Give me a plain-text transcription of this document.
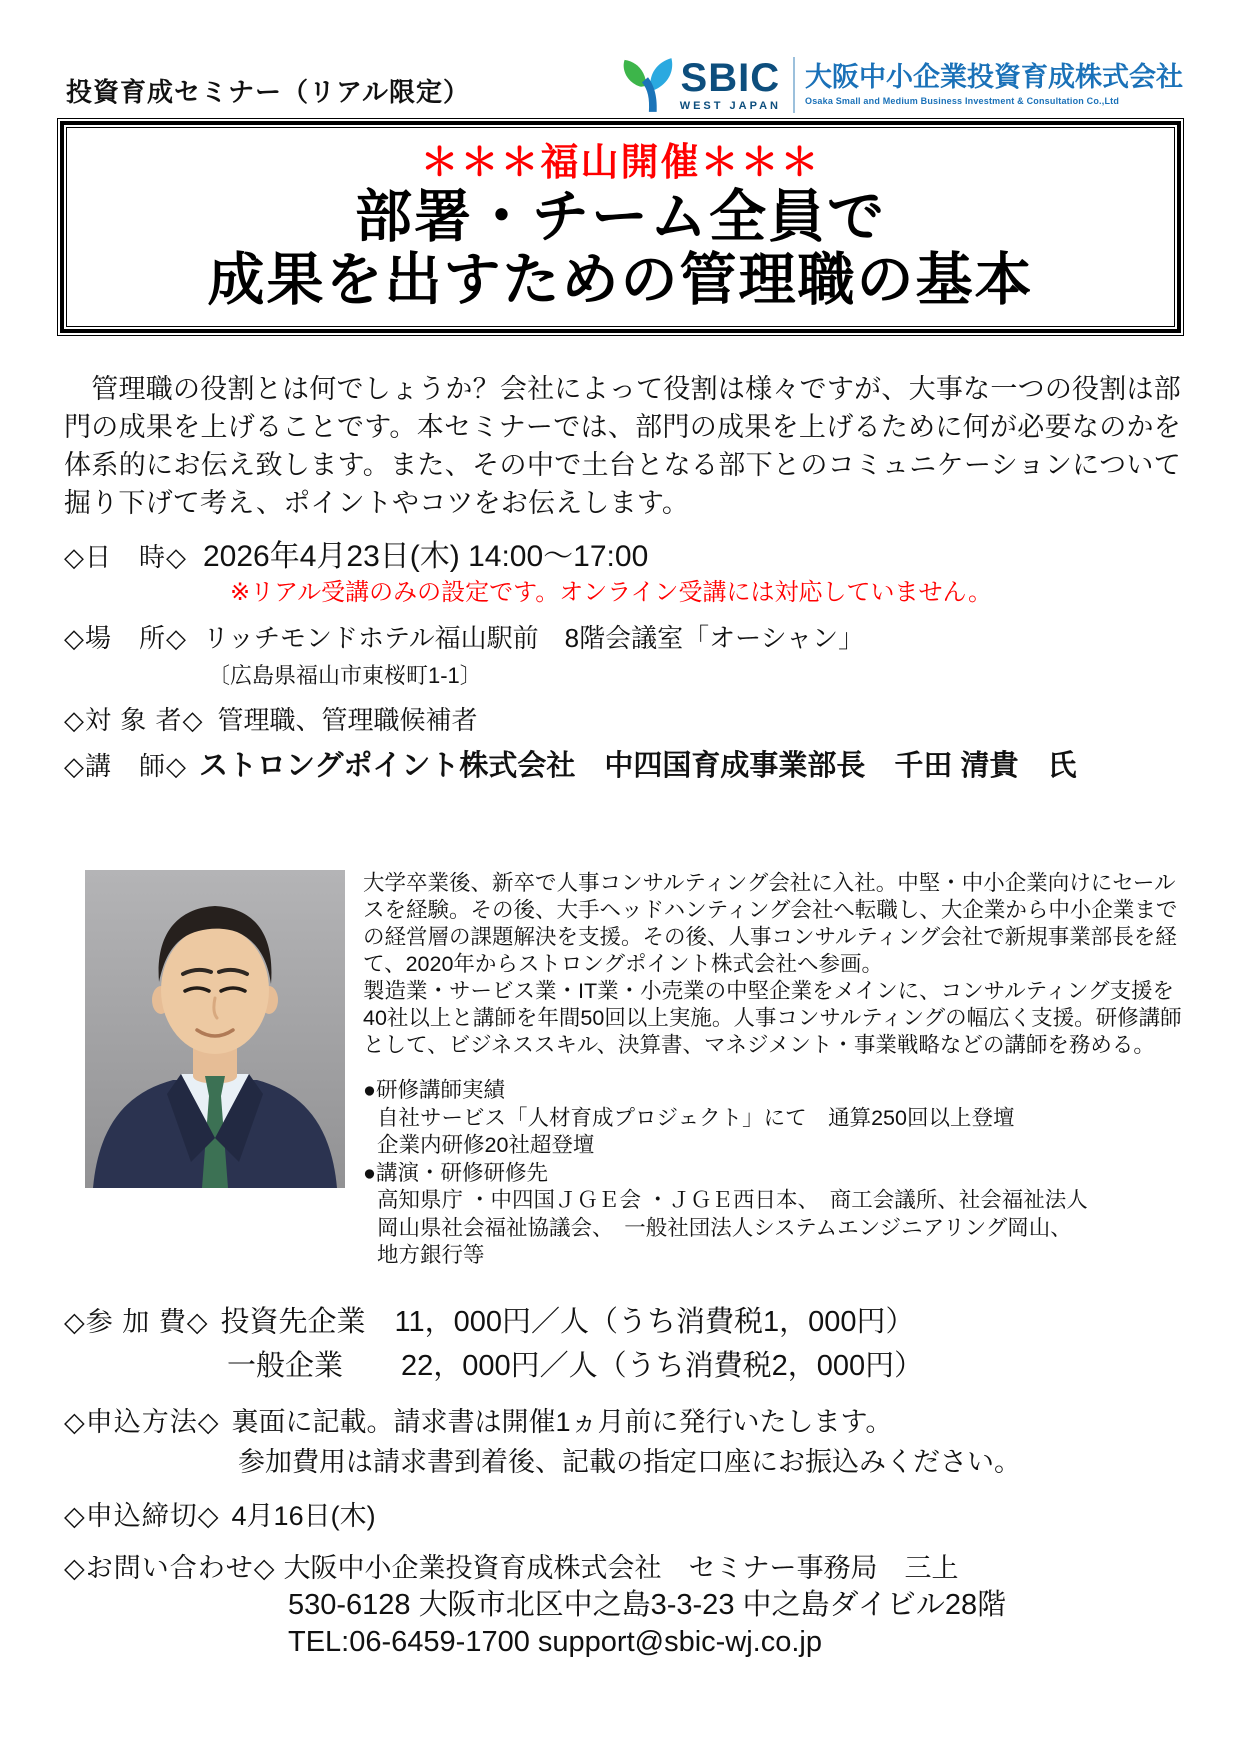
投資育成セミナー（リアル限定）	SBIC
WEST JAPAN
大阪中小企業投資育成株式会社
Osaka Small and Medium Business Investment & Consultation Co.,Ltd
＊＊＊福山開催＊＊＊
部署・チーム全員で
成果を出すための管理職の基本
　管理職の役割とは何でしょうか？会社によって役割は様々ですが、大事な一つの役割は部門の成果を上げることです。本セミナーでは、部門の成果を上げるために何が必要なのかを体系的にお伝え致します。また、その中で土台となる部下とのコミュニケーションについて掘り下げて考え、ポイントやコツをお伝えします。
◇日　時◇ 2026年4月23日(木) 14:00～17:00
※リアル受講のみの設定です。オンライン受講には対応していません。
◇場　所◇ リッチモンドホテル福山駅前　8階会議室「オーシャン」
〔広島県福山市東桜町1-1〕
◇対 象 者◇ 管理職、管理職候補者
◇講　師◇ ストロングポイント株式会社　中四国育成事業部長　千田 清貴　氏
大学卒業後、新卒で人事コンサルティング会社に入社。中堅・中小企業向けにセールスを経験。その後、大手ヘッドハンティング会社へ転職し、大企業から中小企業までの経営層の課題解決を支援。その後、人事コンサルティング会社で新規事業部長を経て、2020年からストロングポイント株式会社へ参画。
製造業・サービス業・IT業・小売業の中堅企業をメインに、コンサルティング支援を40社以上と講師を年間50回以上実施。人事コンサルティングの幅広く支援。研修講師として、ビジネススキル、決算書、マネジメント・事業戦略などの講師を務める。
●研修講師実績
自社サービス「人材育成プロジェクト」にて　通算250回以上登壇
企業内研修20社超登壇
●講演・研修研修先
高知県庁 ・中四国ＪＧＥ会 ・ＪＧＥ西日本、　商工会議所、社会福祉法人
岡山県社会福祉協議会、　一般社団法人システムエンジニアリング岡山、
地方銀行等
◇参 加 費◇ 投資先企業　11，000円／人（うち消費税1，000円）
一般企業　　22，000円／人（うち消費税2，000円）
◇申込方法◇ 裏面に記載。請求書は開催1ヵ月前に発行いたします。
参加費用は請求書到着後、記載の指定口座にお振込みください。
◇申込締切◇ 4月16日(木)
◇お問い合わせ◇ 大阪中小企業投資育成株式会社　セミナー事務局　三上
530-6128 大阪市北区中之島3-3-23 中之島ダイビル28階
TEL:06-6459-1700 support@sbic-wj.co.jp
